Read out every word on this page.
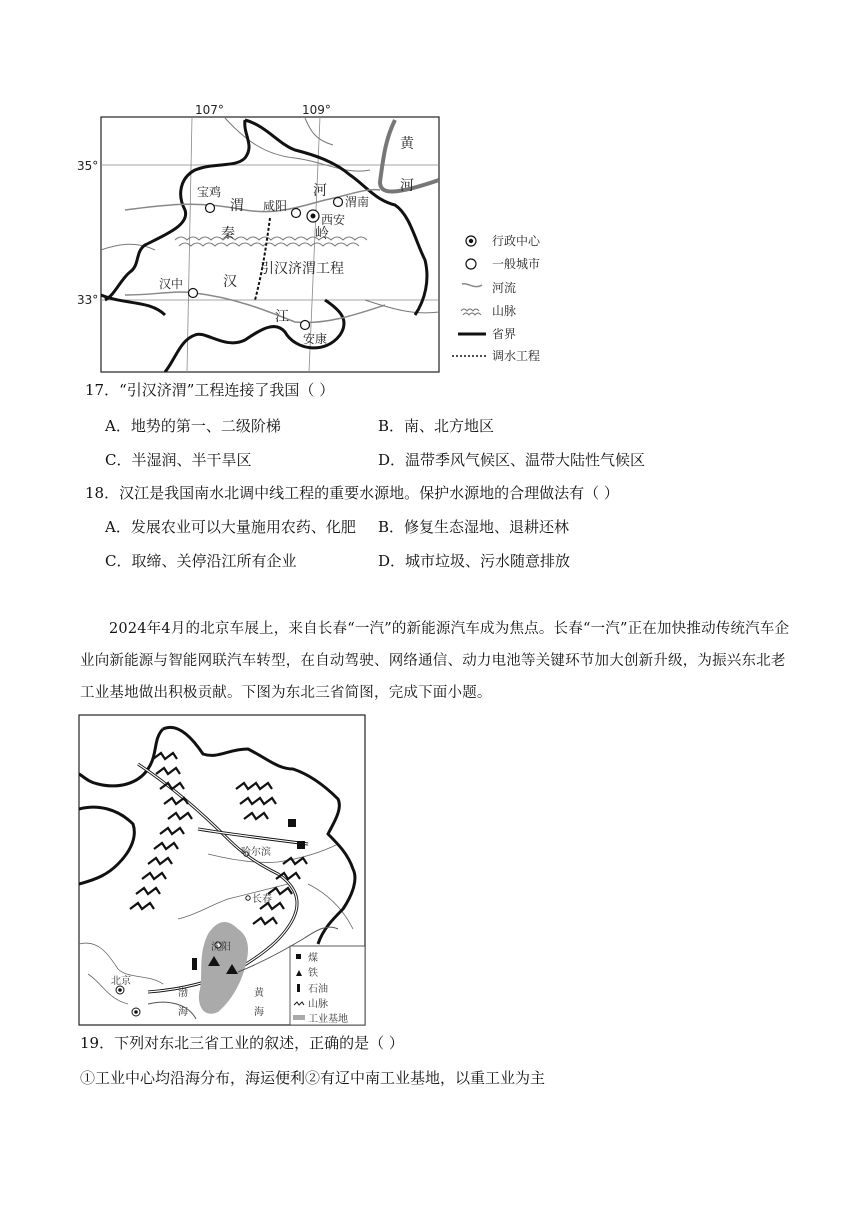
107°	109°
35°
33°
黄
河
渭
河
秦	岭
引汉济渭工程
汉
江
宝鸡
咸阳	渭南
西安
汉中
安康
行政中心
一般城市
河流
山脉
省界
调水工程
17．“引汉济渭”工程连接了我国（ ）
A．地势的第一、二级阶梯	B．南、北方地区
C．半湿润、半干旱区	D．温带季风气候区、温带大陆性气候区
18．汉江是我国南水北调中线工程的重要水源地。保护水源地的合理做法有（ ）
A．发展农业可以大量施用农药、化肥 B．修复生态湿地、退耕还林
C．取缔、关停沿江所有企业	D．城市垃圾、污水随意排放
2024年4月的北京车展上，来自长春“一汽”的新能源汽车成为焦点。长春“一汽”正在加快推动传统汽车企业向新能源与智能网联汽车转型，在自动驾驶、网络通信、动力电池等关键环节加大创新升级，为振兴东北老工业基地做出积极贡献。下图为东北三省简图，完成下面小题。
哈尔滨
长春
沈阳
北京
渤
海
黄
海
煤
铁
石油
山脉
工业基地
19．下列对东北三省工业的叙述，正确的是（ ）
①工业中心均沿海分布，海运便利②有辽中南工业基地，以重工业为主
